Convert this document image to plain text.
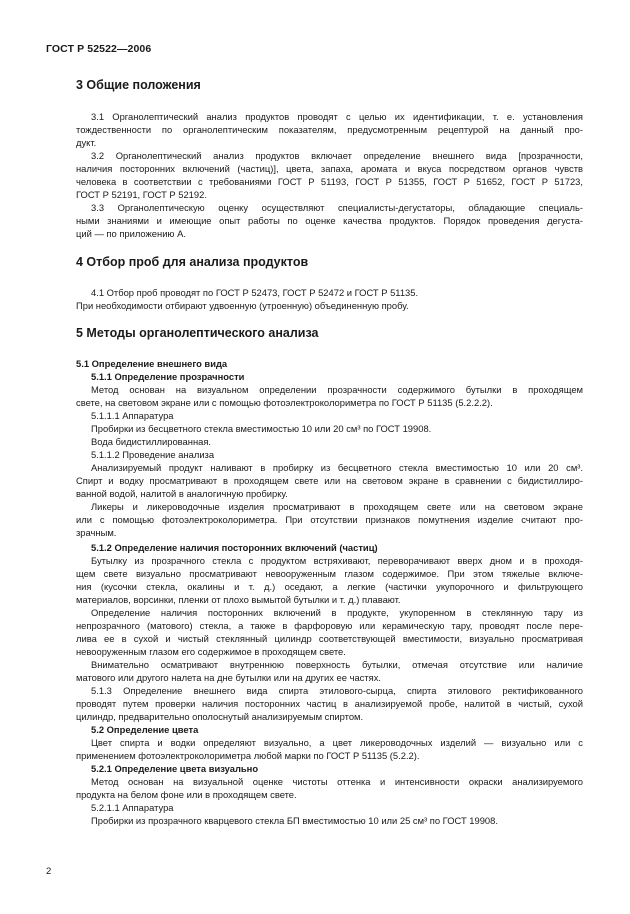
ГОСТ Р 52522—2006
3 Общие положения
3.1 Органолептический анализ продуктов проводят с целью их идентификации, т. е. установления
тождественности по органолептическим показателям, предусмотренным рецептурой на данный про-
дукт.
3.2 Органолептический анализ продуктов включает определение внешнего вида [прозрачности,
наличия посторонних включений (частиц)], цвета, запаха, аромата и вкуса посредством органов чувств
человека в соответствии с требованиями ГОСТ Р 51193, ГОСТ Р 51355, ГОСТ Р 51652, ГОСТ Р 51723,
ГОСТ Р 52191, ГОСТ Р 52192.
3.3 Органолептическую оценку осуществляют специалисты-дегустаторы, обладающие специаль-
ными знаниями и имеющие опыт работы по оценке качества продуктов. Порядок проведения дегуста-
ций — по приложению А.
4 Отбор проб для анализа продуктов
4.1 Отбор проб проводят по ГОСТ Р 52473, ГОСТ Р 52472 и ГОСТ Р 51135.
При необходимости отбирают удвоенную (утроенную) объединенную пробу.
5 Методы органолептического анализа
5.1 Определение внешнего вида
5.1.1 Определение прозрачности
Метод основан на визуальном определении прозрачности содержимого бутылки в проходящем
свете, на световом экране или с помощью фотоэлектроколориметра по ГОСТ Р 51135 (5.2.2.2).
5.1.1.1 Аппаратура
Пробирки из бесцветного стекла вместимостью 10 или 20 см³ по ГОСТ 19908.
Вода бидистиллированная.
5.1.1.2 Проведение анализа
Анализируемый продукт наливают в пробирку из бесцветного стекла вместимостью 10 или 20 см³.
Спирт и водку просматривают в проходящем свете или на световом экране в сравнении с бидистиллиро-
ванной водой, налитой в аналогичную пробирку.
Ликеры и ликероводочные изделия просматривают в проходящем свете или на световом экране
или с помощью фотоэлектроколориметра. При отсутствии признаков помутнения изделие считают про-
зрачным.
5.1.2 Определение наличия посторонних включений (частиц)
Бутылку из прозрачного стекла с продуктом встряхивают, переворачивают вверх дном и в проходя-
щем свете визуально просматривают невооруженным глазом содержимое. При этом тяжелые включе-
ния (кусочки стекла, окалины и т. д.) оседают, а легкие (частички укупорочного и фильтрующего
материалов, ворсинки, пленки от плохо вымытой бутылки и т. д.) плавают.
Определение наличия посторонних включений в продукте, укупоренном в стеклянную тару из
непрозрачного (матового) стекла, а также в фарфоровую или керамическую тару, проводят после пере-
лива ее в сухой и чистый стеклянный цилиндр соответствующей вместимости, визуально просматривая
невооруженным глазом его содержимое в проходящем свете.
Внимательно осматривают внутреннюю поверхность бутылки, отмечая отсутствие или наличие
матового или другого налета на дне бутылки или на других ее частях.
5.1.3 Определение внешнего вида спирта этилового-сырца, спирта этилового ректификованного
проводят путем проверки наличия посторонних частиц в анализируемой пробе, налитой в чистый, сухой
цилиндр, предварительно ополоснутый анализируемым спиртом.
5.2 Определение цвета
Цвет спирта и водки определяют визуально, а цвет ликероводочных изделий — визуально или с
применением фотоэлектроколориметра любой марки по ГОСТ Р 51135 (5.2.2).
5.2.1 Определение цвета визуально
Метод основан на визуальной оценке чистоты оттенка и интенсивности окраски анализируемого
продукта на белом фоне или в проходящем свете.
5.2.1.1 Аппаратура
Пробирки из прозрачного кварцевого стекла БП вместимостью 10 или 25 см³ по ГОСТ 19908.
2
